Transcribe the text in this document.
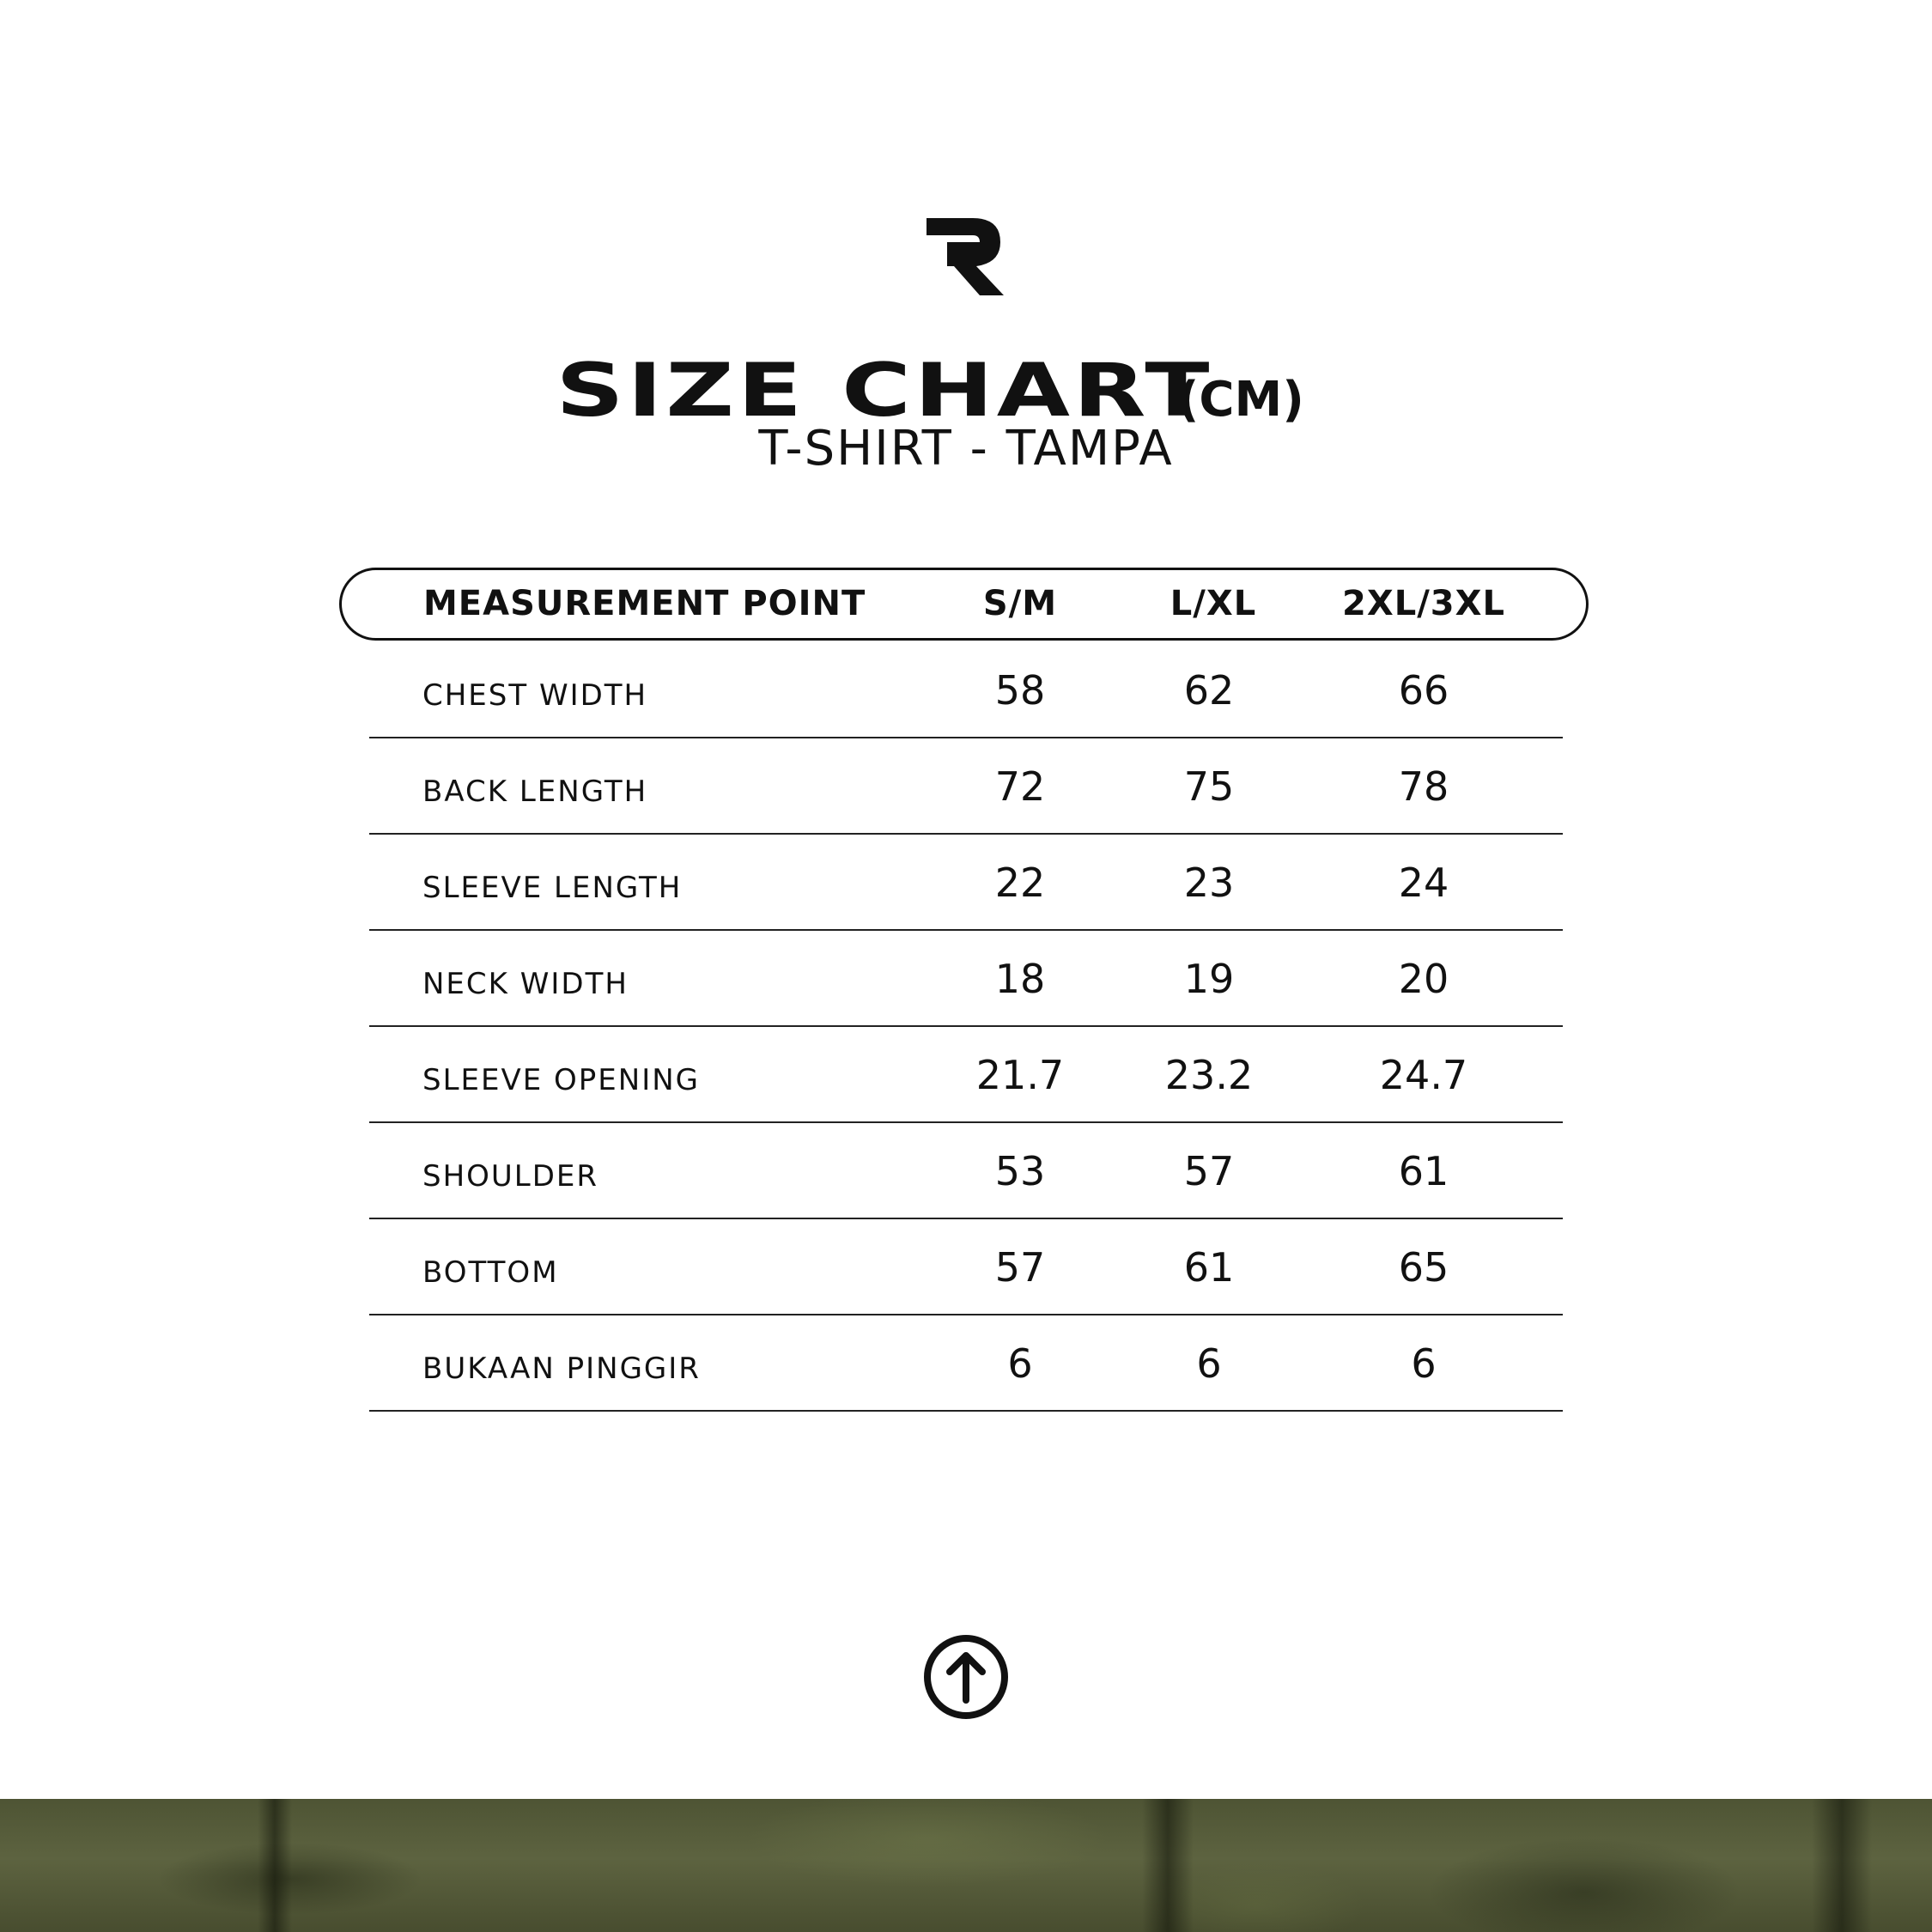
SIZE CHART(CM)
T-SHIRT - TAMPA
MEASUREMENT POINT	S/M	L/XL	2XL/3XL
CHEST WIDTH	58	62	66
BACK LENGTH	72	75	78
SLEEVE LENGTH	22	23	24
NECK WIDTH	18	19	20
SLEEVE OPENING	21.7	23.2	24.7
SHOULDER	53	57	61
BOTTOM	57	61	65
BUKAAN PINGGIR	6	6	6
